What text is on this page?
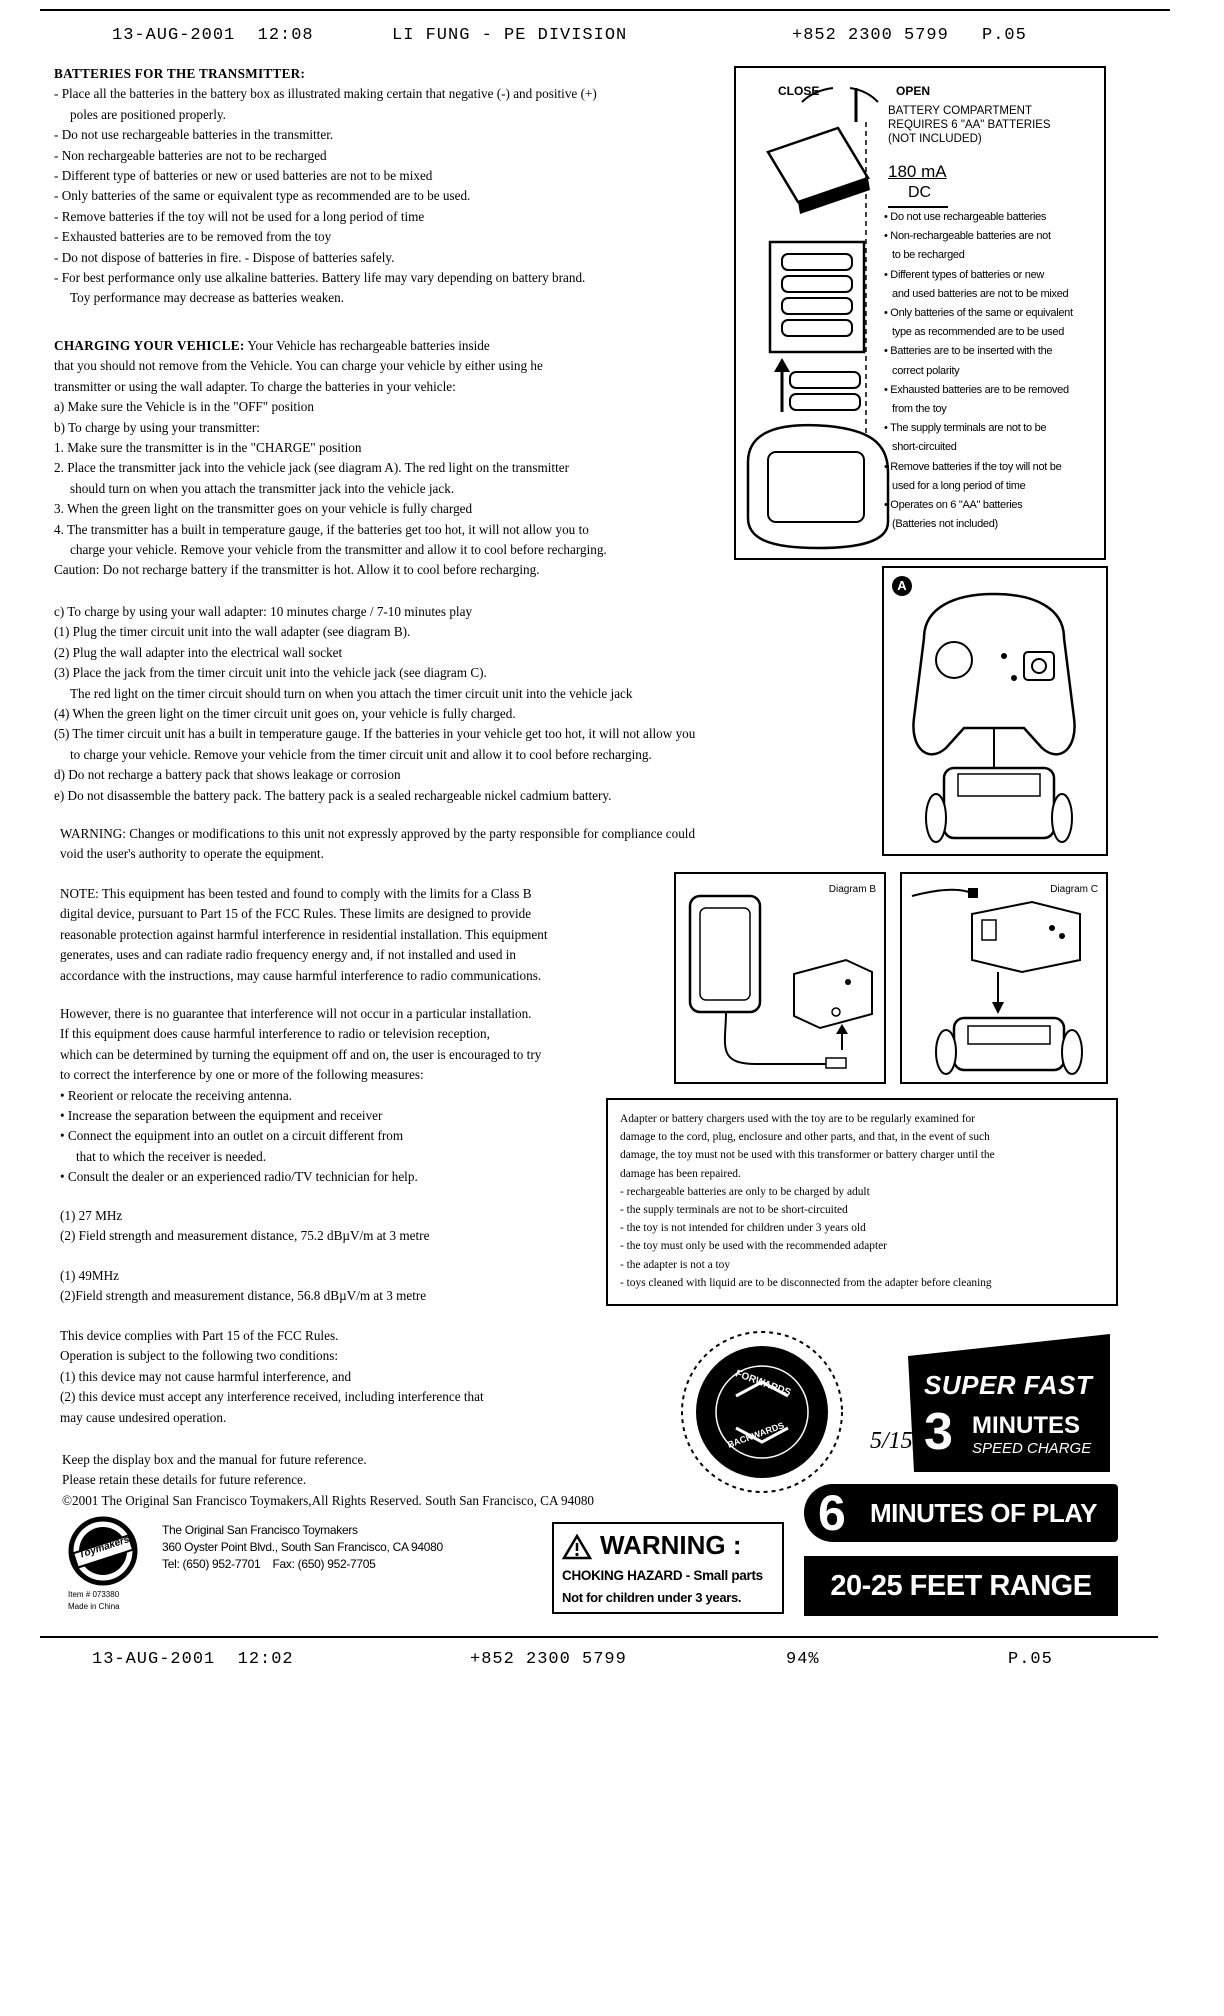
13-AUG-2001  12:08	LI FUNG - PE DIVISION	+852 2300 5799 P.05

BATTERIES FOR THE TRANSMITTER:

- Place all the batteries in the battery box as illustrated making certain that negative (-) and positive (+)

poles are positioned properly.

- Do not use rechargeable batteries in the transmitter.

- Non rechargeable batteries are not to be recharged

- Different type of batteries or new or used batteries are not to be mixed

- Only batteries of the same or equivalent type as recommended are to be used.

- Remove batteries if the toy will not be used for a long period of time

- Exhausted batteries are to be removed from the toy

- Do not dispose of batteries in fire. - Dispose of batteries safely.

- For best performance only use alkaline batteries. Battery life may vary depending on battery brand.

Toy performance may decrease as batteries weaken.

CHARGING YOUR VEHICLE: Your Vehicle has rechargeable batteries inside

that you should not remove from the Vehicle. You can charge your vehicle by either using he

transmitter or using the wall adapter. To charge the batteries in your vehicle:

a) Make sure the Vehicle is in the "OFF" position

b) To charge by using your transmitter:

1. Make sure the transmitter is in the "CHARGE" position

2. Place the transmitter jack into the vehicle jack (see diagram A). The red light on the transmitter

should turn on when you attach the transmitter jack into the vehicle jack.

3. When the green light on the transmitter goes on your vehicle is fully charged

4. The transmitter has a built in temperature gauge, if the batteries get too hot, it will not allow you to

charge your vehicle. Remove your vehicle from the transmitter and allow it to cool before recharging.

Caution: Do not recharge battery if the transmitter is hot. Allow it to cool before recharging.

c) To charge by using your wall adapter: 10 minutes charge / 7-10 minutes play

(1) Plug the timer circuit unit into the wall adapter (see diagram B).

(2) Plug the wall adapter into the electrical wall socket

(3) Place the jack from the timer circuit unit into the vehicle jack (see diagram C).

The red light on the timer circuit should turn on when you attach the timer circuit unit into the vehicle jack

(4) When the green light on the timer circuit unit goes on, your vehicle is fully charged.

(5) The timer circuit unit has a built in temperature gauge. If the batteries in your vehicle get too hot, it will not allow you

to charge your vehicle. Remove your vehicle from the timer circuit unit and allow it to cool before recharging.

d) Do not recharge a battery pack that shows leakage or corrosion

e) Do not disassemble the battery pack. The battery pack is a sealed rechargeable nickel cadmium battery.

WARNING: Changes or modifications to this unit not expressly approved by the party responsible for compliance could

void the user's authority to operate the equipment.

NOTE: This equipment has been tested and found to comply with the limits for a Class B

digital device, pursuant to Part 15 of the FCC Rules. These limits are designed to provide

reasonable protection against harmful interference in residential installation. This equipment

generates, uses and can radiate radio frequency energy and, if not installed and used in

accordance with the instructions, may cause harmful interference to radio communications.

However, there is no guarantee that interference will not occur in a particular installation.

If this equipment does cause harmful interference to radio or television reception,

which can be determined by turning the equipment off and on, the user is encouraged to try

to correct the interference by one or more of the following measures:

• Reorient or relocate the receiving antenna.

• Increase the separation between the equipment and receiver

• Connect the equipment into an outlet on a circuit different from

that to which the receiver is needed.

• Consult the dealer or an experienced radio/TV technician for help.

(1) 27 MHz

(2) Field strength and measurement distance, 75.2 dBµV/m at 3 metre

(1) 49MHz

(2)Field strength and measurement distance, 56.8 dBµV/m at 3 metre

This device complies with Part 15 of the FCC Rules.

Operation is subject to the following two conditions:

(1) this device may not cause harmful interference, and

(2) this device must accept any interference received, including interference that

may cause undesired operation.

Keep the display box and the manual for future reference.

Please retain these details for future reference.

©2001 The Original San Francisco Toymakers,All Rights Reserved. South San Francisco, CA 94080

Toymakers
Item # 073380
Made in China
The Original San Francisco Toymakers
360 Oyster Point Blvd., South San Francisco, CA 94080
Tel: (650) 952-7701    Fax: (650) 952-7705
CLOSE	OPEN
BATTERY COMPARTMENT
REQUIRES 6 "AA" BATTERIES
(NOT INCLUDED)
180 mA
DC

• Do not use rechargeable batteries

• Non-rechargeable batteries are not

to be recharged

• Different types of batteries or new

and used batteries are not to be mixed

• Only batteries of the same or equivalent

type as recommended are to be used

• Batteries are to be inserted with the

correct polarity

• Exhausted batteries are to be removed

from the toy

• The supply terminals are not to be

short-circuited

• Remove batteries if the toy will not be

used for a long period of time

• Operates on 6 "AA" batteries

(Batteries not included)

A
Diagram B	Diagram C

Adapter or battery chargers used with the toy are to be regularly examined for

damage to the cord, plug, enclosure and other parts, and that, in the event of such

damage, the toy must not be used with this transformer or battery charger until the

damage has been repaired.

- rechargeable batteries are only to be charged by adult

- the supply terminals are not to be short-circuited

- the toy is not intended for children under 3 years old

- the toy must only be used with the recommended adapter

- the adapter is not a toy

- toys cleaned with liquid are to be disconnected from the adapter before cleaning

FORWARDS
BACKWARDS	5/15
SUPER FAST
3 MINUTES
SPEED CHARGE
6 MINUTES OF PLAY
20-25 FEET RANGE
WARNING :
CHOKING HAZARD - Small parts
Not for children under 3 years.
13-AUG-2001  12:02	+852 2300 5799	94%	P.05
